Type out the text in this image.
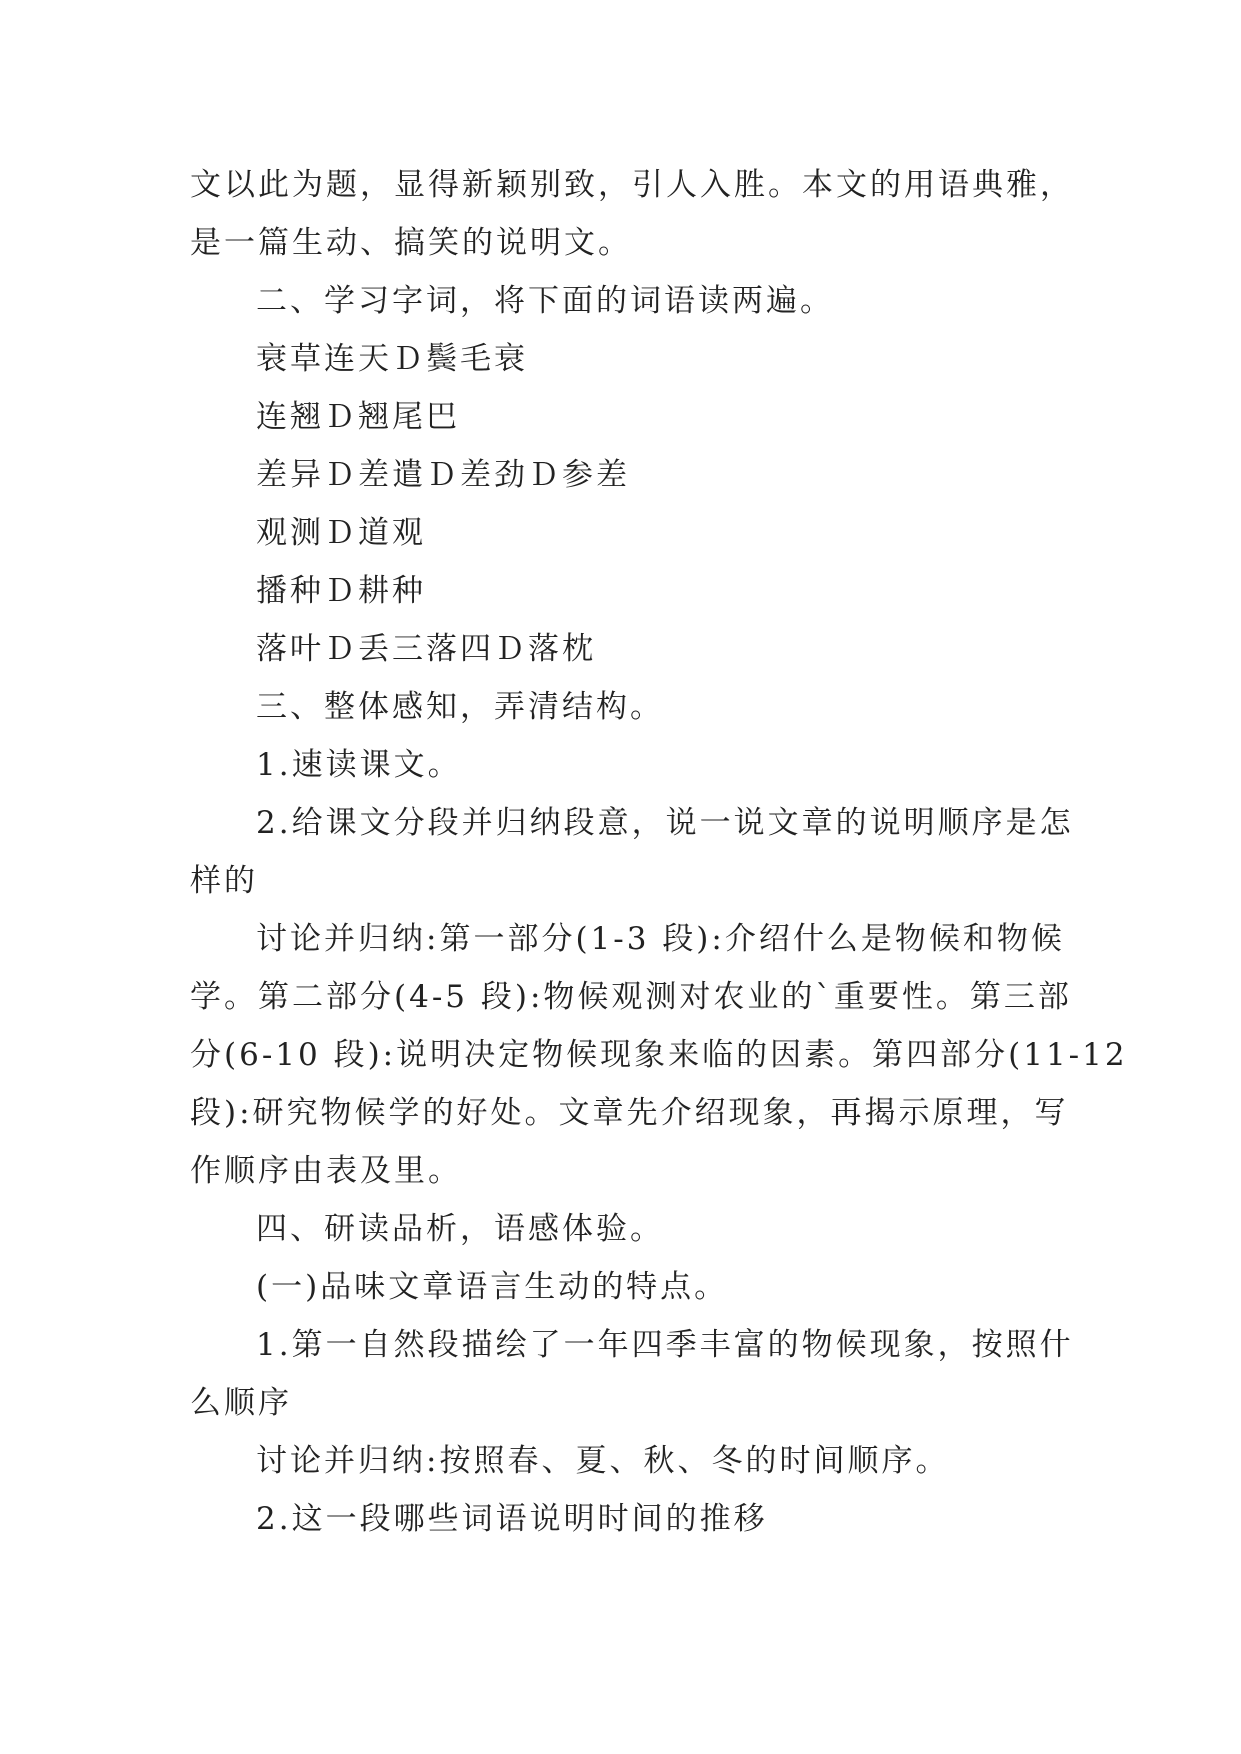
文以此为题，显得新颖别致，引人入胜。本文的用语典雅，

是一篇生动、搞笑的说明文。

二、学习字词，将下面的词语读两遍。

衰草连天Ｄ鬓毛衰

连翘Ｄ翘尾巴

差异Ｄ差遣Ｄ差劲Ｄ参差

观测Ｄ道观

播种Ｄ耕种

落叶Ｄ丢三落四Ｄ落枕

三、整体感知，弄清结构。

1.速读课文。

2.给课文分段并归纳段意，说一说文章的说明顺序是怎

样的

讨论并归纳:第一部分(1-3 段):介绍什么是物候和物候

学。第二部分(4-5 段):物候观测对农业的`重要性。第三部

分(6-10 段):说明决定物候现象来临的因素。第四部分(11-12

段):研究物候学的好处。文章先介绍现象，再揭示原理，写

作顺序由表及里。

四、研读品析，语感体验。

(一)品味文章语言生动的特点。

1.第一自然段描绘了一年四季丰富的物候现象，按照什

么顺序

讨论并归纳:按照春、夏、秋、冬的时间顺序。

2.这一段哪些词语说明时间的推移
